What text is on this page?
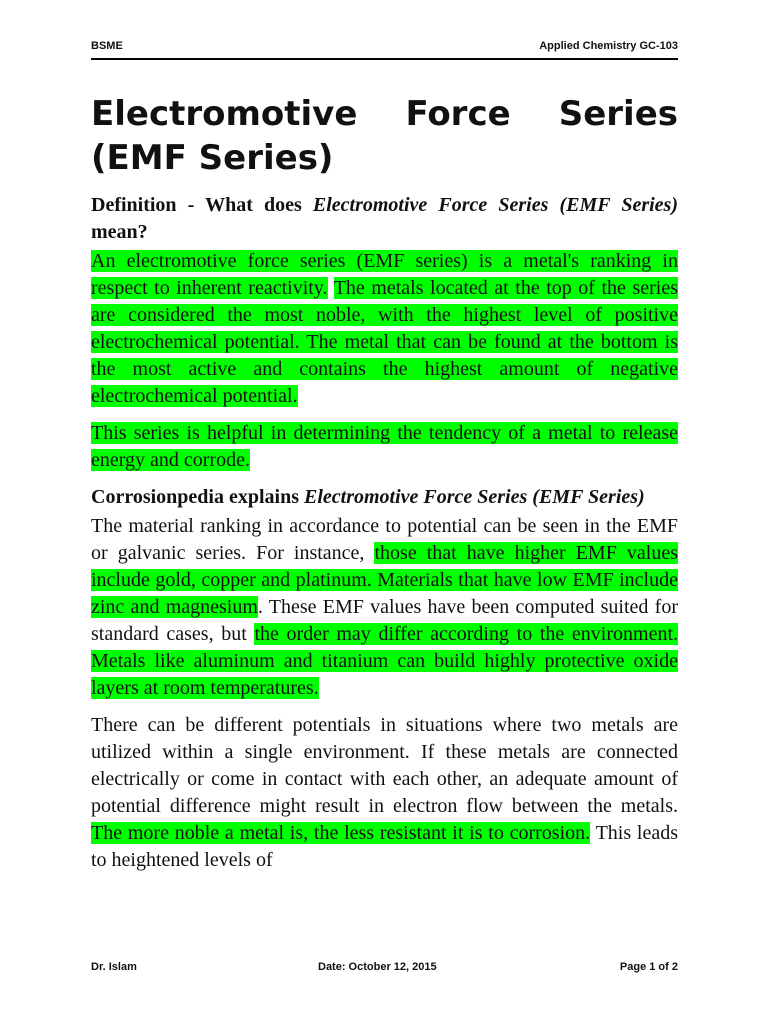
BSME	Applied Chemistry GC-103
Electromotive Force Series (EMF Series)
Definition - What does Electromotive Force Series (EMF Series) mean?

An electromotive force series (EMF series) is a metal's ranking in respect to inherent reactivity. The metals located at the top of the series are considered the most noble, with the highest level of positive electrochemical potential. The metal that can be found at the bottom is the most active and contains the highest amount of negative electrochemical potential.

This series is helpful in determining the tendency of a metal to release energy and corrode.

Corrosionpedia explains Electromotive Force Series (EMF Series)

The material ranking in accordance to potential can be seen in the EMF or galvanic series. For instance, those that have higher EMF values include gold, copper and platinum. Materials that have low EMF include zinc and magnesium. These EMF values have been computed suited for standard cases, but the order may differ according to the environment. Metals like aluminum and titanium can build highly protective oxide layers at room temperatures.

There can be different potentials in situations where two metals are utilized within a single environment. If these metals are connected electrically or come in contact with each other, an adequate amount of potential difference might result in electron flow between the metals. The more noble a metal is, the less resistant it is to corrosion. This leads to heightened levels of

Dr. Islam	Date: October 12, 2015	Page 1 of 2
